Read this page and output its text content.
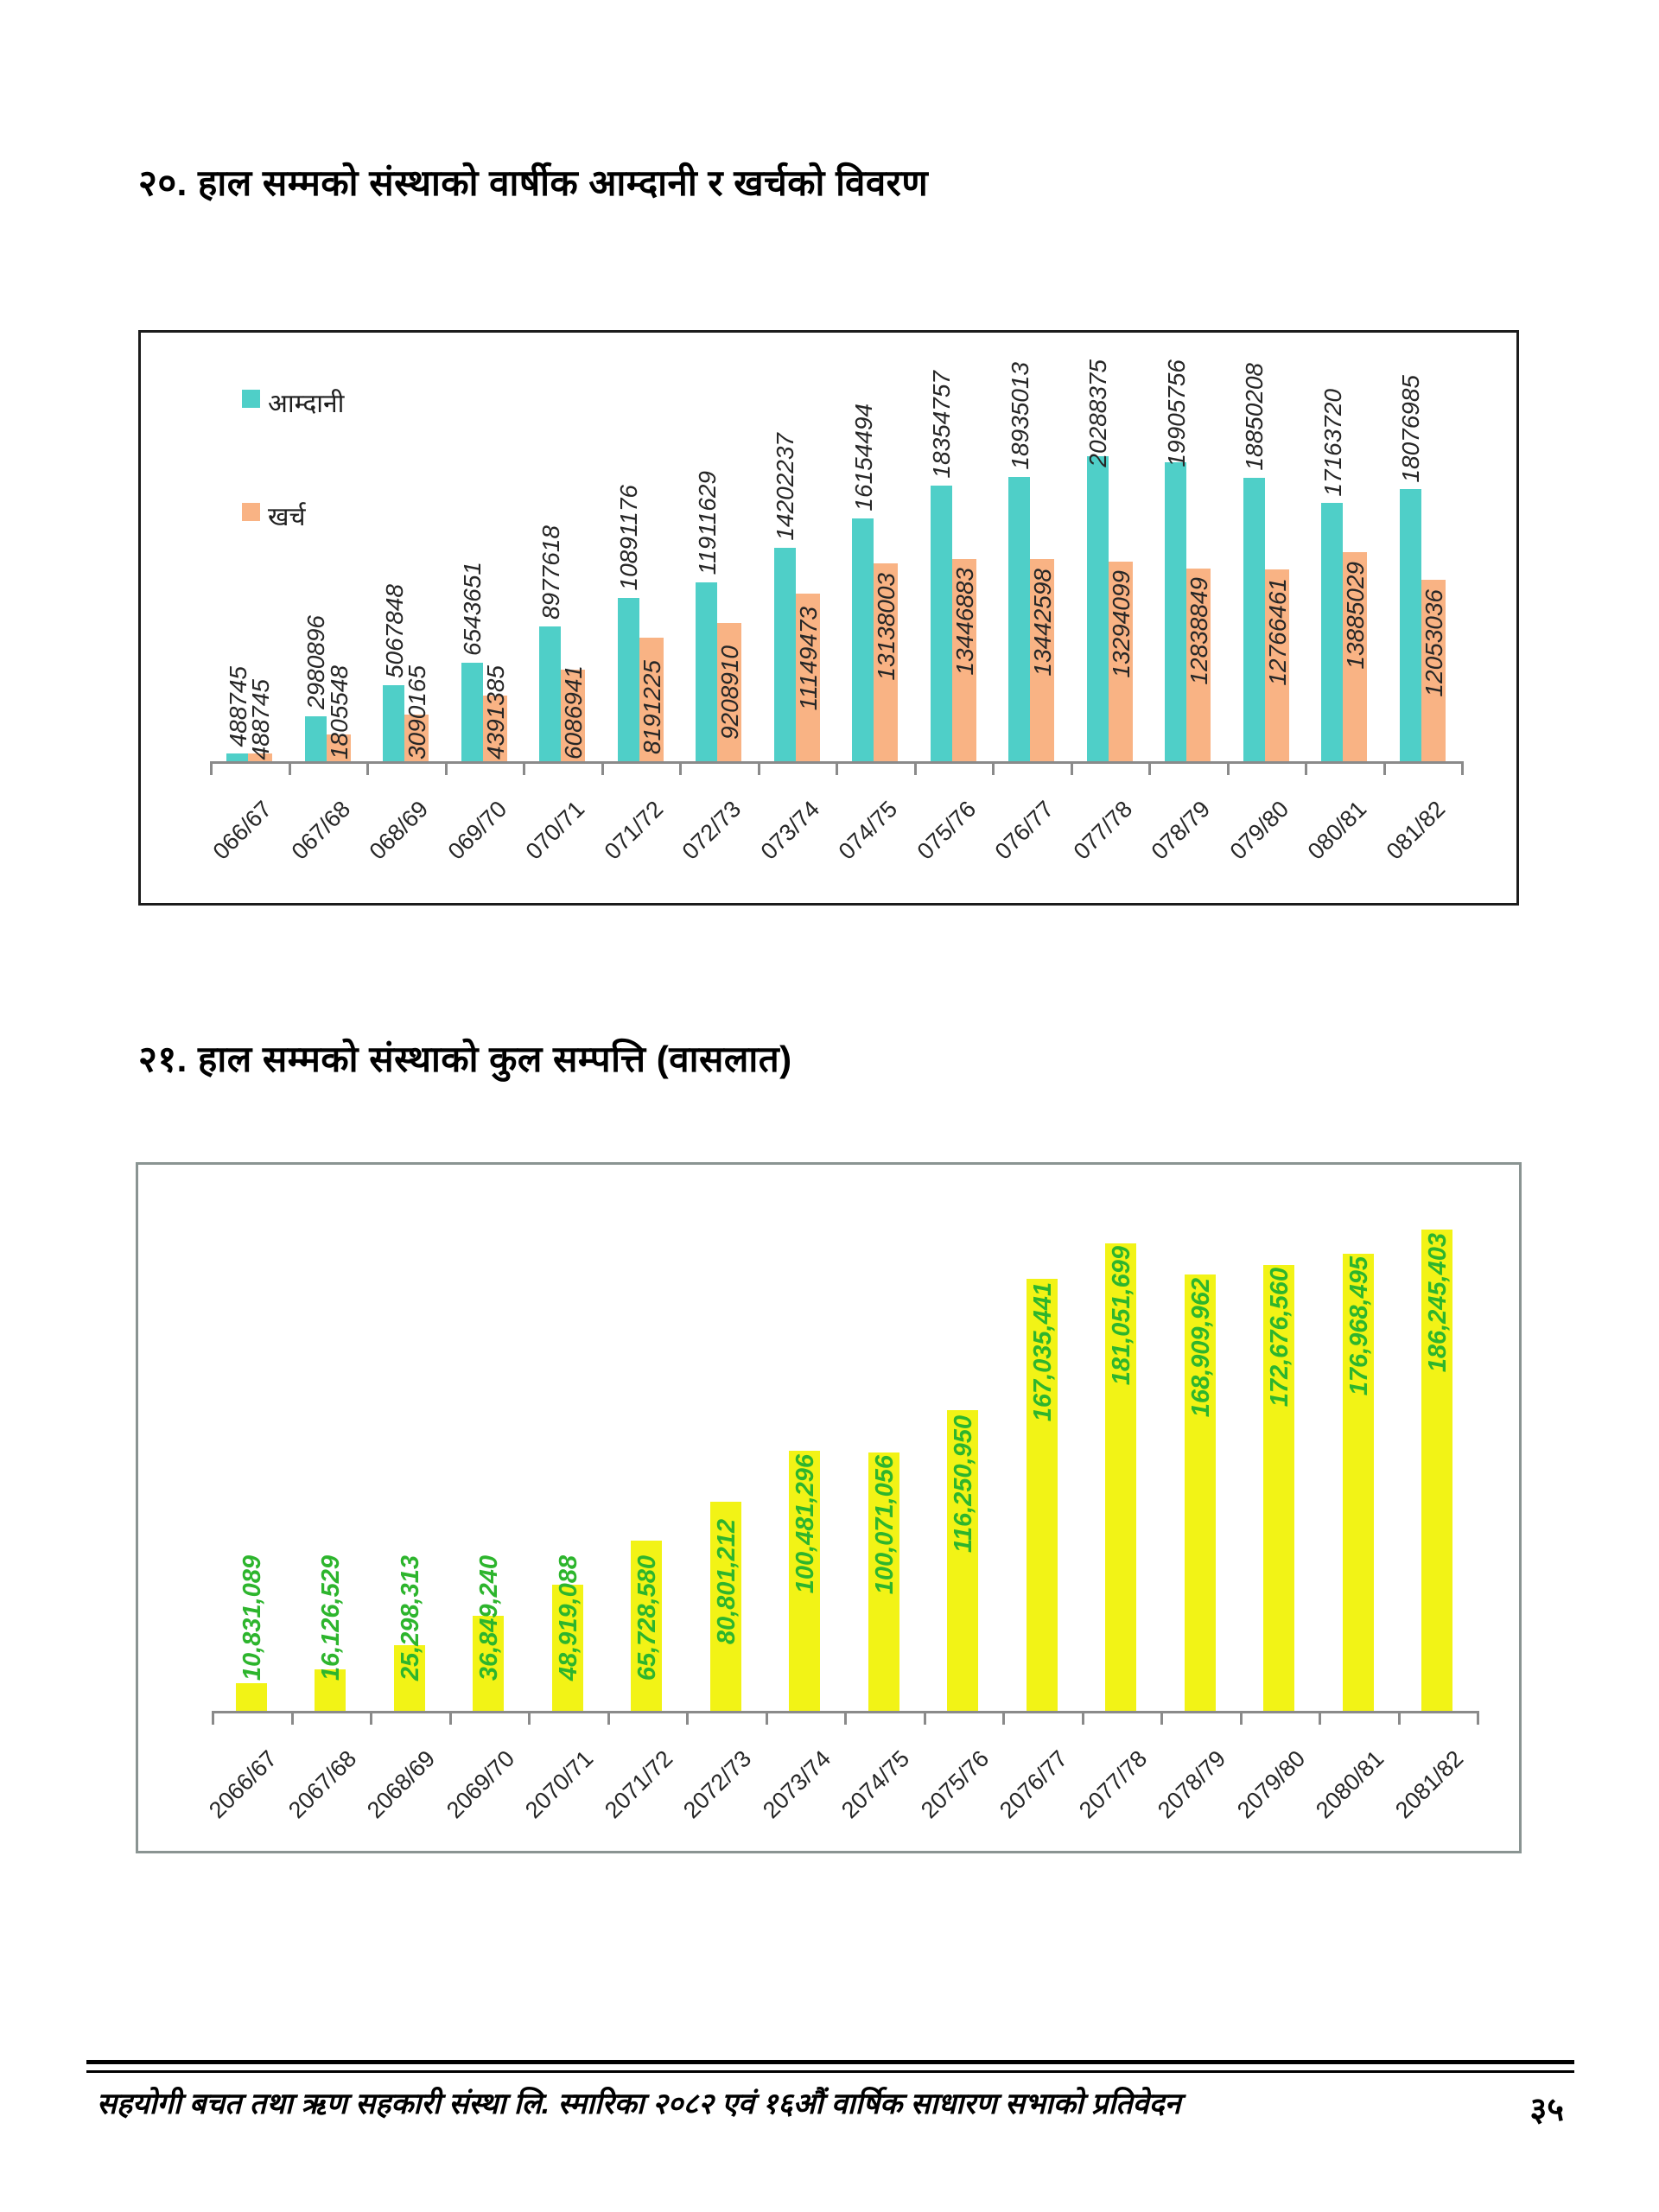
२०. हाल सम्मको संस्थाको वार्षीक आम्दानी र खर्चको विवरण
आम्दानी
खर्च
488745
488745
066/67
2980896
1805548
067/68
5067848
3090165
068/69
6543651
4391385
069/70
8977618
6086941
070/71
10891176
8191225
071/72
11911629
9208910
072/73
14202237
11149473
073/74
16154494
13138003
074/75
18354757
13446883
075/76
18935013
13442598
076/77
20288375
13294099
077/78
19905756
12838849
078/79
18850208
12766461
079/80
17163720
13885029
080/81
18076985
12053036
081/82
२१. हाल सम्मको संस्थाको कुल सम्पत्ति (वासलात)
10,831,089
2066/67
16,126,529
2067/68
25,298,313
2068/69
36,849,240
2069/70
48,919,088
2070/71
65,728,580
2071/72
80,801,212
2072/73
100,481,296
2073/74
100,071,056
2074/75
116,250,950
2075/76
167,035,441
2076/77
181,051,699
2077/78
168,909,962
2078/79
172,676,560
2079/80
176,968,495
2080/81
186,245,403
2081/82
सहयोगी बचत तथा ऋण सहकारी संस्था लि. स्मारिका २०८२ एवं १६औं वार्षिक साधारण सभाको प्रतिवेदन	३५
